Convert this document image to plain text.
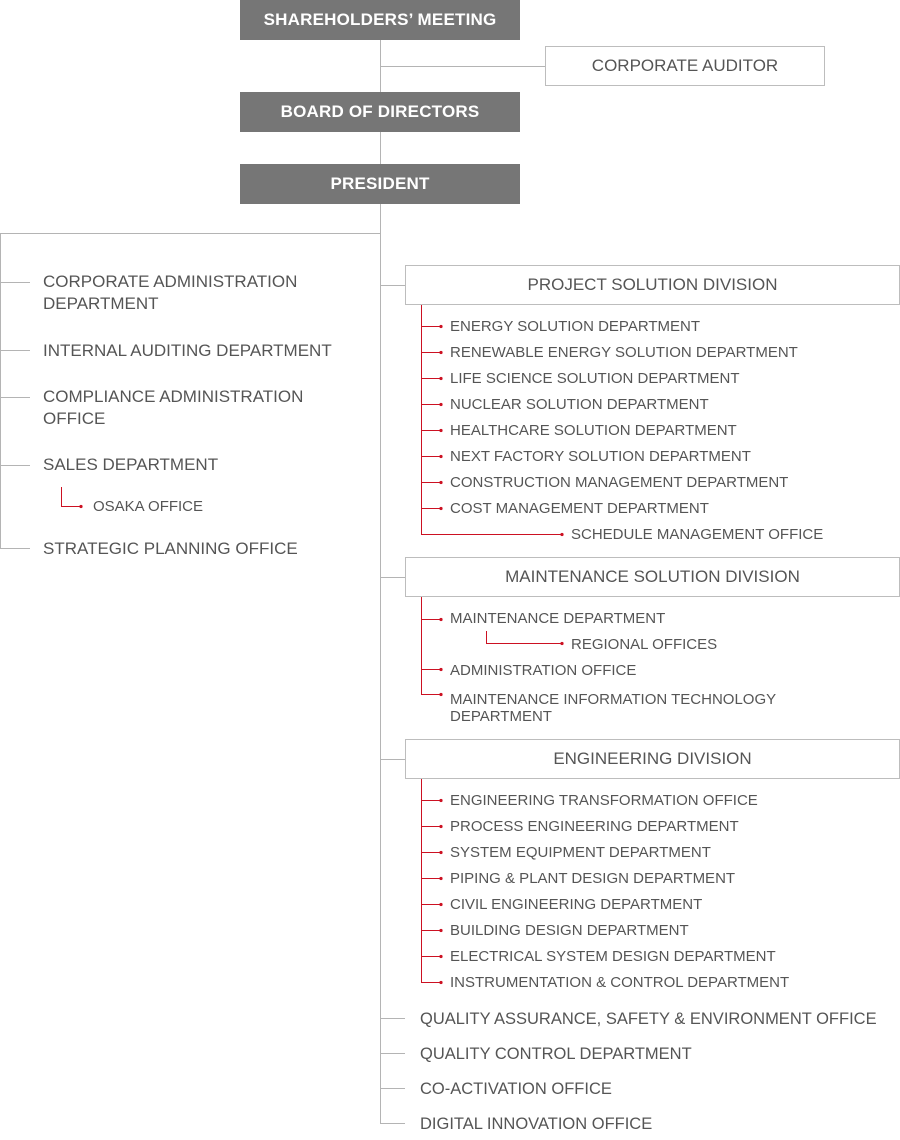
SHAREHOLDERS’ MEETING
CORPORATE AUDITOR
BOARD OF DIRECTORS
PRESIDENT
CORPORATE ADMINISTRATION
DEPARTMENT
INTERNAL AUDITING DEPARTMENT
COMPLIANCE ADMINISTRATION
OFFICE
SALES DEPARTMENT
OSAKA OFFICE
STRATEGIC PLANNING OFFICE
PROJECT SOLUTION DIVISION
ENERGY SOLUTION DEPARTMENT
RENEWABLE ENERGY SOLUTION DEPARTMENT
LIFE SCIENCE SOLUTION DEPARTMENT
NUCLEAR SOLUTION DEPARTMENT
HEALTHCARE SOLUTION DEPARTMENT
NEXT FACTORY SOLUTION DEPARTMENT
CONSTRUCTION MANAGEMENT DEPARTMENT
COST MANAGEMENT DEPARTMENT
SCHEDULE MANAGEMENT OFFICE
MAINTENANCE SOLUTION DIVISION
MAINTENANCE DEPARTMENT
REGIONAL OFFICES
ADMINISTRATION OFFICE
MAINTENANCE INFORMATION TECHNOLOGY
DEPARTMENT
ENGINEERING DIVISION
ENGINEERING TRANSFORMATION OFFICE
PROCESS ENGINEERING DEPARTMENT
SYSTEM EQUIPMENT DEPARTMENT
PIPING & PLANT DESIGN DEPARTMENT
CIVIL ENGINEERING DEPARTMENT
BUILDING DESIGN DEPARTMENT
ELECTRICAL SYSTEM DESIGN DEPARTMENT
INSTRUMENTATION & CONTROL DEPARTMENT
QUALITY ASSURANCE, SAFETY & ENVIRONMENT OFFICE
QUALITY CONTROL DEPARTMENT
CO-ACTIVATION OFFICE
DIGITAL INNOVATION OFFICE
